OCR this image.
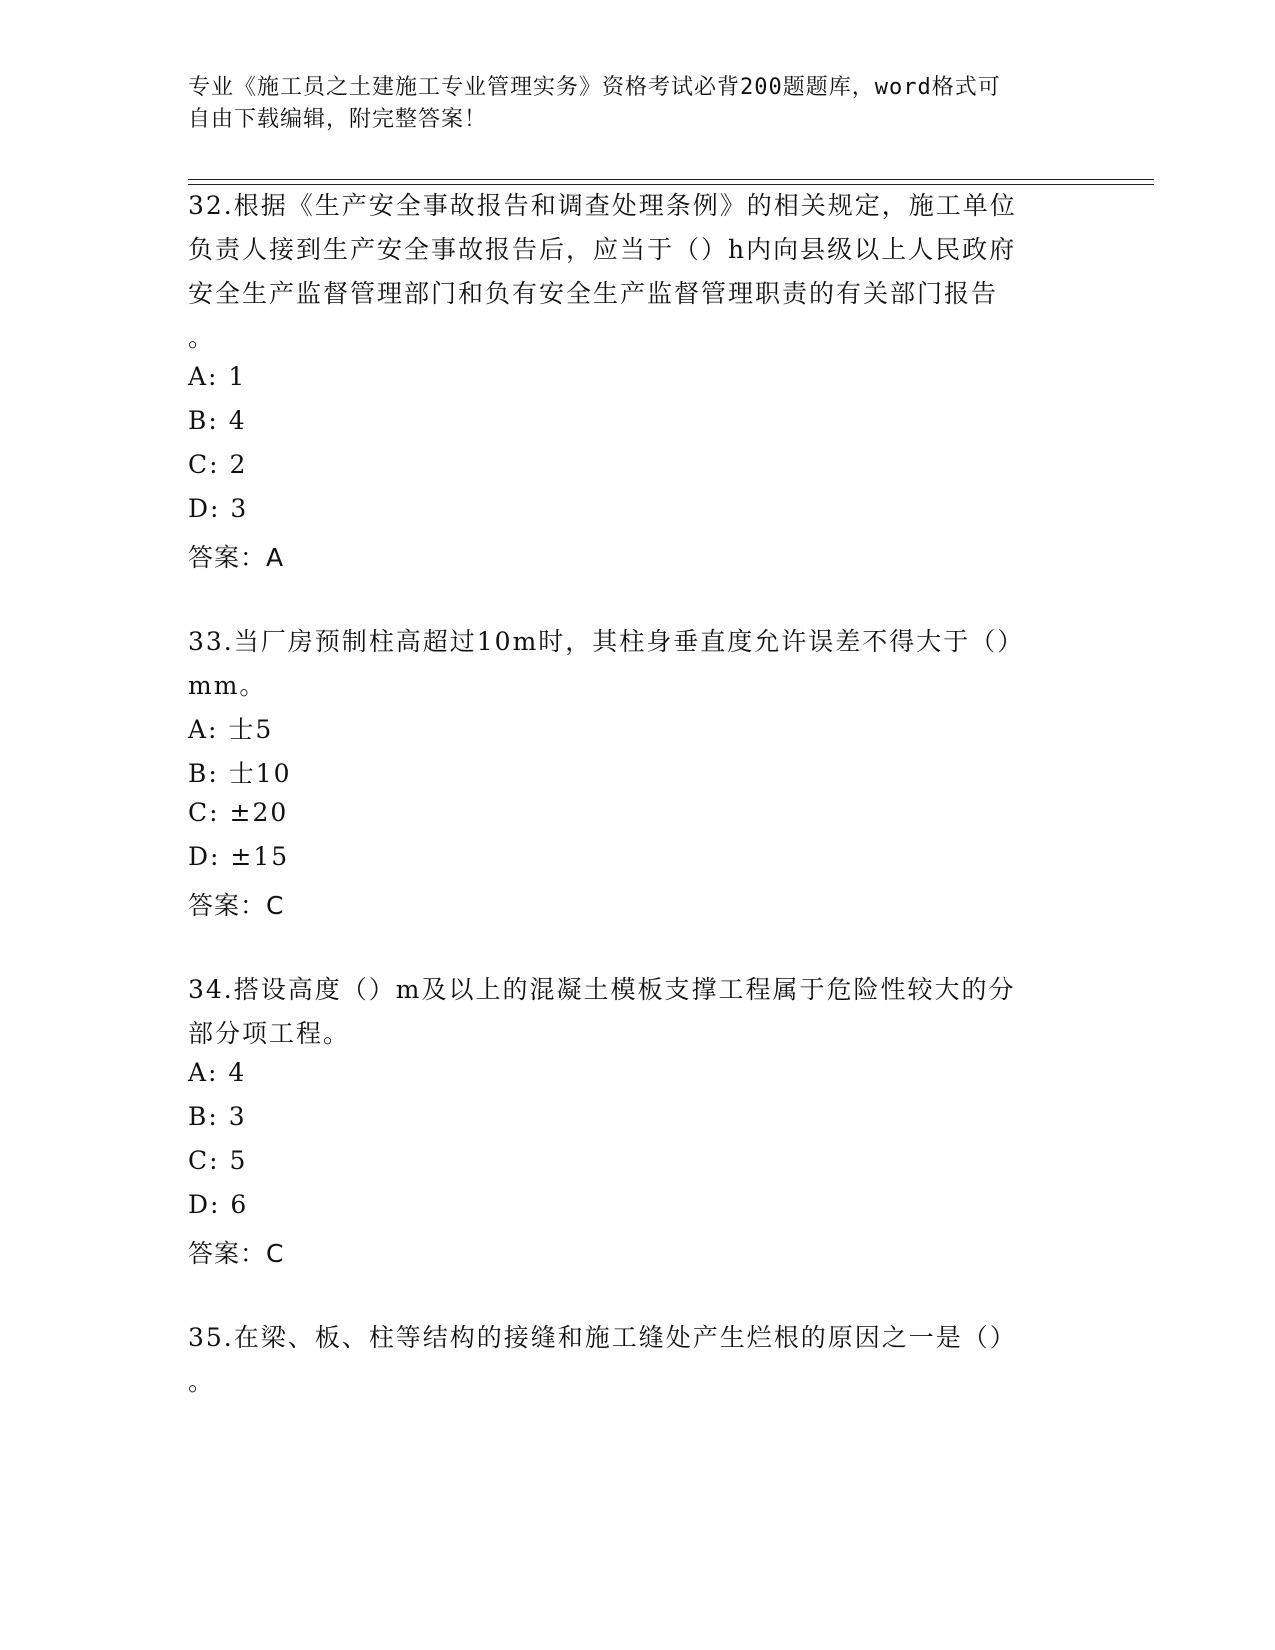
专业《施工员之土建施工专业管理实务》资格考试必背200题题库，word格式可
自由下载编辑，附完整答案！
32.根据《生产安全事故报告和调查处理条例》的相关规定，施工单位
负责人接到生产安全事故报告后，应当于（）h内向县级以上人民政府
安全生产监督管理部门和负有安全生产监督管理职责的有关部门报告
。
A: 1
B: 4
C: 2
D: 3
答案：A
33.当厂房预制柱高超过10m时，其柱身垂直度允许误差不得大于（）
mm。
A: 士5
B: 士10
C: ±20
D: ±15
答案：C
34.搭设高度（）m及以上的混凝土模板支撑工程属于危险性较大的分
部分项工程。
A: 4
B: 3
C: 5
D: 6
答案：C
35.在梁、板、柱等结构的接缝和施工缝处产生烂根的原因之一是（）
。
